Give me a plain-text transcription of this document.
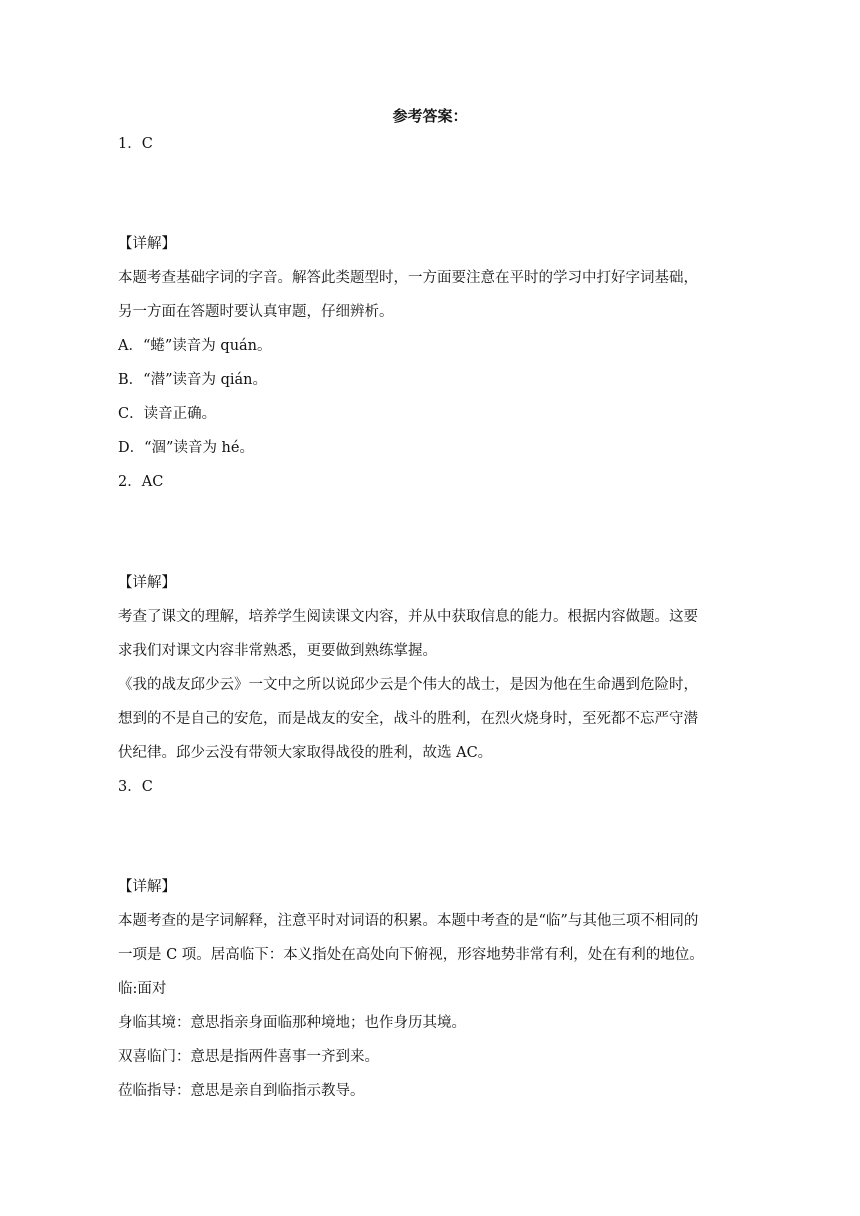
参考答案：
1．C
【详解】
本题考查基础字词的字音。解答此类题型时，一方面要注意在平时的学习中打好字词基础，
另一方面在答题时要认真审题，仔细辨析。
A．“蜷”读音为 quán。
B．“潜”读音为 qián。
C．读音正确。
D．“涸”读音为 hé。
2．AC
【详解】
考查了课文的理解，培养学生阅读课文内容，并从中获取信息的能力。根据内容做题。这要
求我们对课文内容非常熟悉，更要做到熟练掌握。
《我的战友邱少云》一文中之所以说邱少云是个伟大的战士，是因为他在生命遇到危险时，
想到的不是自己的安危，而是战友的安全，战斗的胜利，在烈火烧身时，至死都不忘严守潜
伏纪律。邱少云没有带领大家取得战役的胜利，故选 AC。
3．C
【详解】
本题考查的是字词解释，注意平时对词语的积累。本题中考查的是“临”与其他三项不相同的
一项是 C 项。居高临下：本义指处在高处向下俯视，形容地势非常有利，处在有利的地位。
临:面对
身临其境：意思指亲身面临那种境地；也作身历其境。
双喜临门：意思是指两件喜事一齐到来。
莅临指导：意思是亲自到临指示教导。
